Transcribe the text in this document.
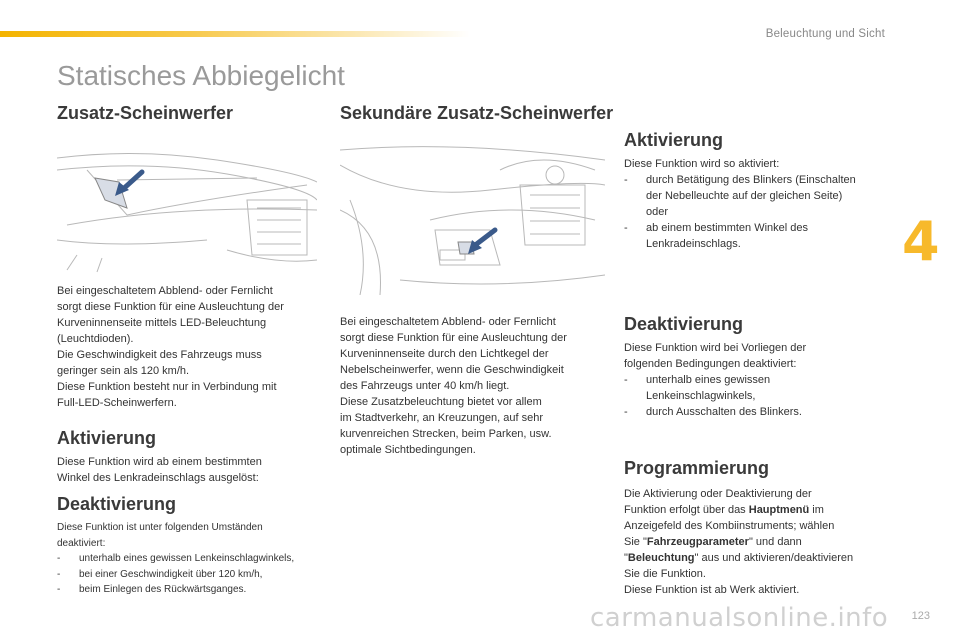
Beleuchtung und Sicht
4
Statisches Abbiegelicht
Zusatz-Scheinwerfer

Bei eingeschaltetem Abblend- oder Fernlicht

sorgt diese Funktion für eine Ausleuchtung der

Kurveninnenseite mittels LED-Beleuchtung

(Leuchtdioden).

Die Geschwindigkeit des Fahrzeugs muss

geringer sein als 120 km/h.

Diese Funktion besteht nur in Verbindung mit

Full-LED-Scheinwerfern.

Aktivierung

Diese Funktion wird ab einem bestimmten

Winkel des Lenkradeinschlags ausgelöst:

Deaktivierung

Diese Funktion ist unter folgenden Umständen

deaktiviert:

- unterhalb eines gewissen Lenkeinschlagwinkels,
- bei einer Geschwindigkeit über 120 km/h,
- beim Einlegen des Rückwärtsganges.
Sekundäre Zusatz-Scheinwerfer

Bei eingeschaltetem Abblend- oder Fernlicht

sorgt diese Funktion für eine Ausleuchtung der

Kurveninnenseite durch den Lichtkegel der

Nebelscheinwerfer, wenn die Geschwindigkeit

des Fahrzeugs unter 40 km/h liegt.

Diese Zusatzbeleuchtung bietet vor allem

im Stadtverkehr, an Kreuzungen, auf sehr

kurvenreichen Strecken, beim Parken, usw.

optimale Sichtbedingungen.

Aktivierung

Diese Funktion wird so aktiviert:

- durch Betätigung des Blinkers (Einschalten

der Nebelleuchte auf der gleichen Seite)

oder

- ab einem bestimmten Winkel des

Lenkradeinschlags.

Deaktivierung

Diese Funktion wird bei Vorliegen der

folgenden Bedingungen deaktiviert:

- unterhalb eines gewissen

Lenkeinschlagwinkels,

- durch Ausschalten des Blinkers.

Programmierung

Die Aktivierung oder Deaktivierung der

Funktion erfolgt über das Hauptmenü im

Anzeigefeld des Kombiinstruments; wählen

Sie "Fahrzeugparameter" und dann

"Beleuchtung" aus und aktivieren/deaktivieren

Sie die Funktion.

Diese Funktion ist ab Werk aktiviert.

123
carmanualsonline.info
